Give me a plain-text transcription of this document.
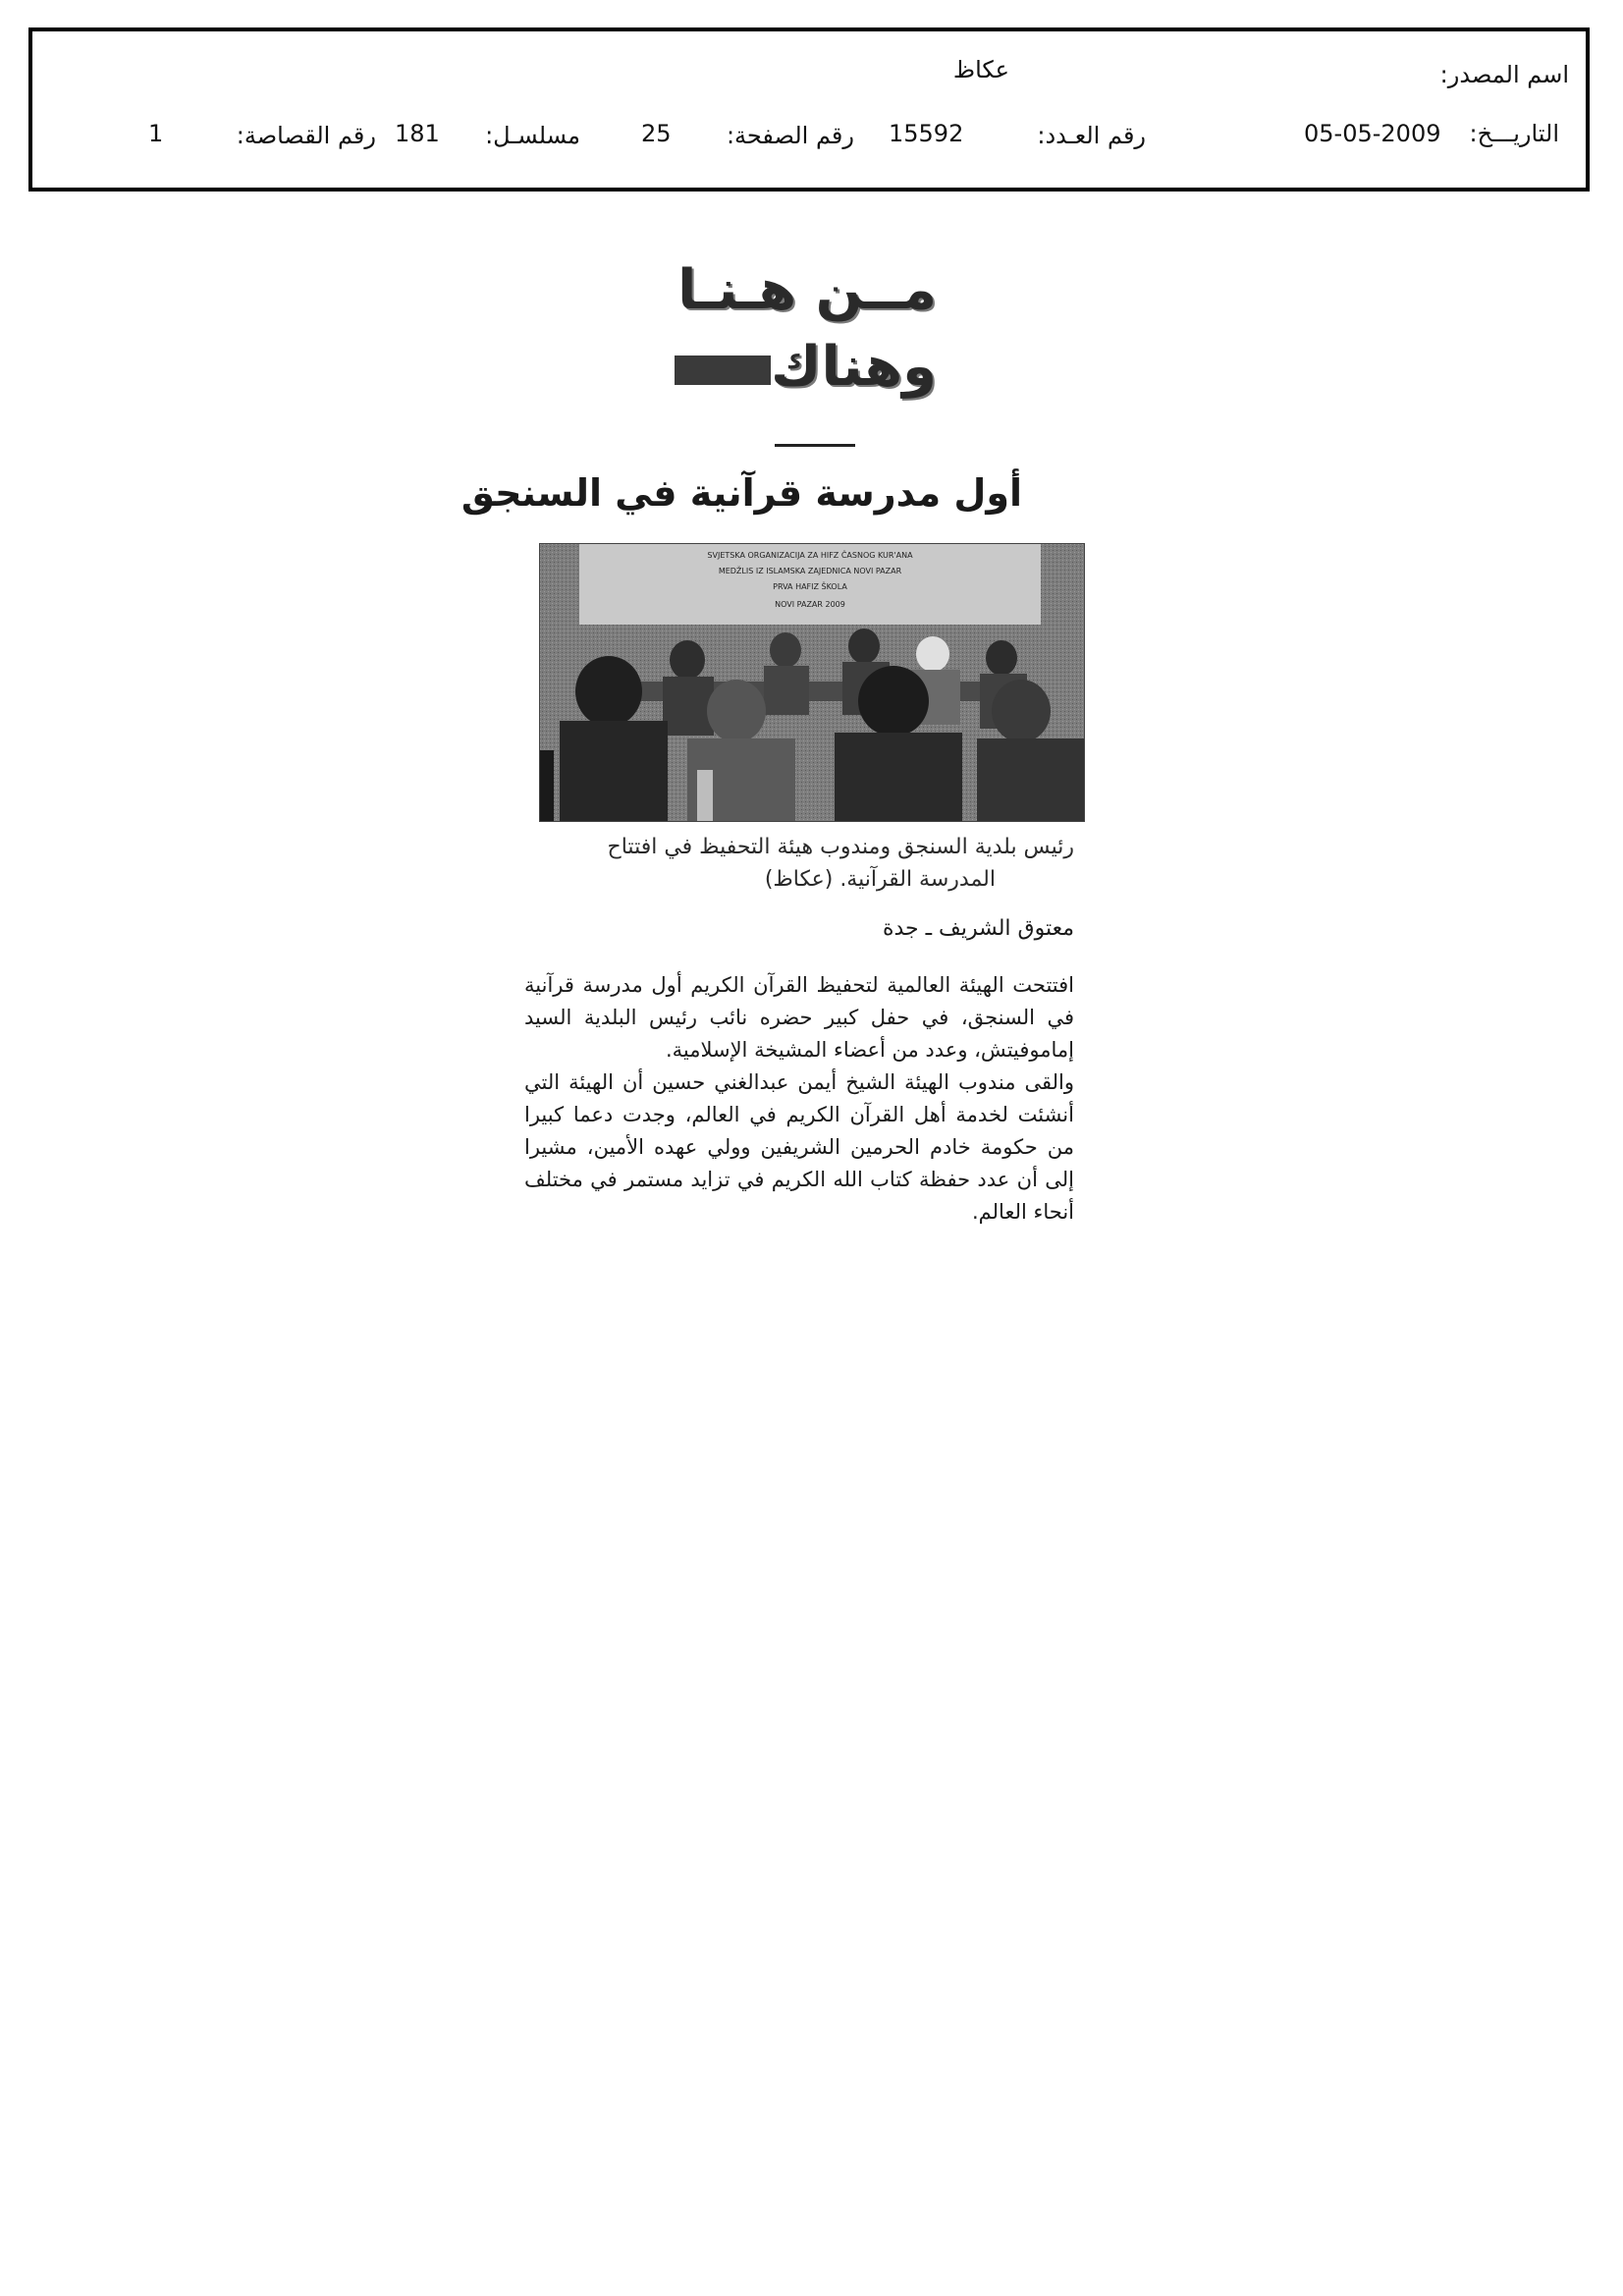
اسم المصدر:
عكاظ
التاريـــخ:
05-05-2009
رقم العـدد:
15592
رقم الصفحة:
25
مسلسـل:
181
رقم القصاصة:
1
مــن هـنـا
وهناك
أول مدرسة قرآنية في السنجق
SVJETSKA ORGANIZACIJA ZA HIFZ ČASNOG KUR'ANA
MEDŽLIS IZ ISLAMSKA ZAJEDNICA NOVI PAZAR
PRVA HAFIZ ŠKOLA
NOVI PAZAR 2009
رئيس بلدية السنجق ومندوب هيئة التحفيظ في افتتاح
المدرسة القرآنية. (عكاظ)
معتوق الشريف ـ جدة

افتتحت الهيئة العالمية لتحفيظ القرآن الكريم أول مدرسة قرآنية في السنجق، في حفل كبير حضره نائب رئيس البلدية السيد إماموفيتش، وعدد من أعضاء المشيخة الإسلامية.

والقى مندوب الهيئة الشيخ أيمن عبدالغني حسين أن الهيئة التي أنشئت لخدمة أهل القرآن الكريم في العالم، وجدت دعما كبيرا من حكومة خادم الحرمين الشريفين وولي عهده الأمين، مشيرا إلى أن عدد حفظة كتاب الله الكريم في تزايد مستمر في مختلف أنحاء العالم.
